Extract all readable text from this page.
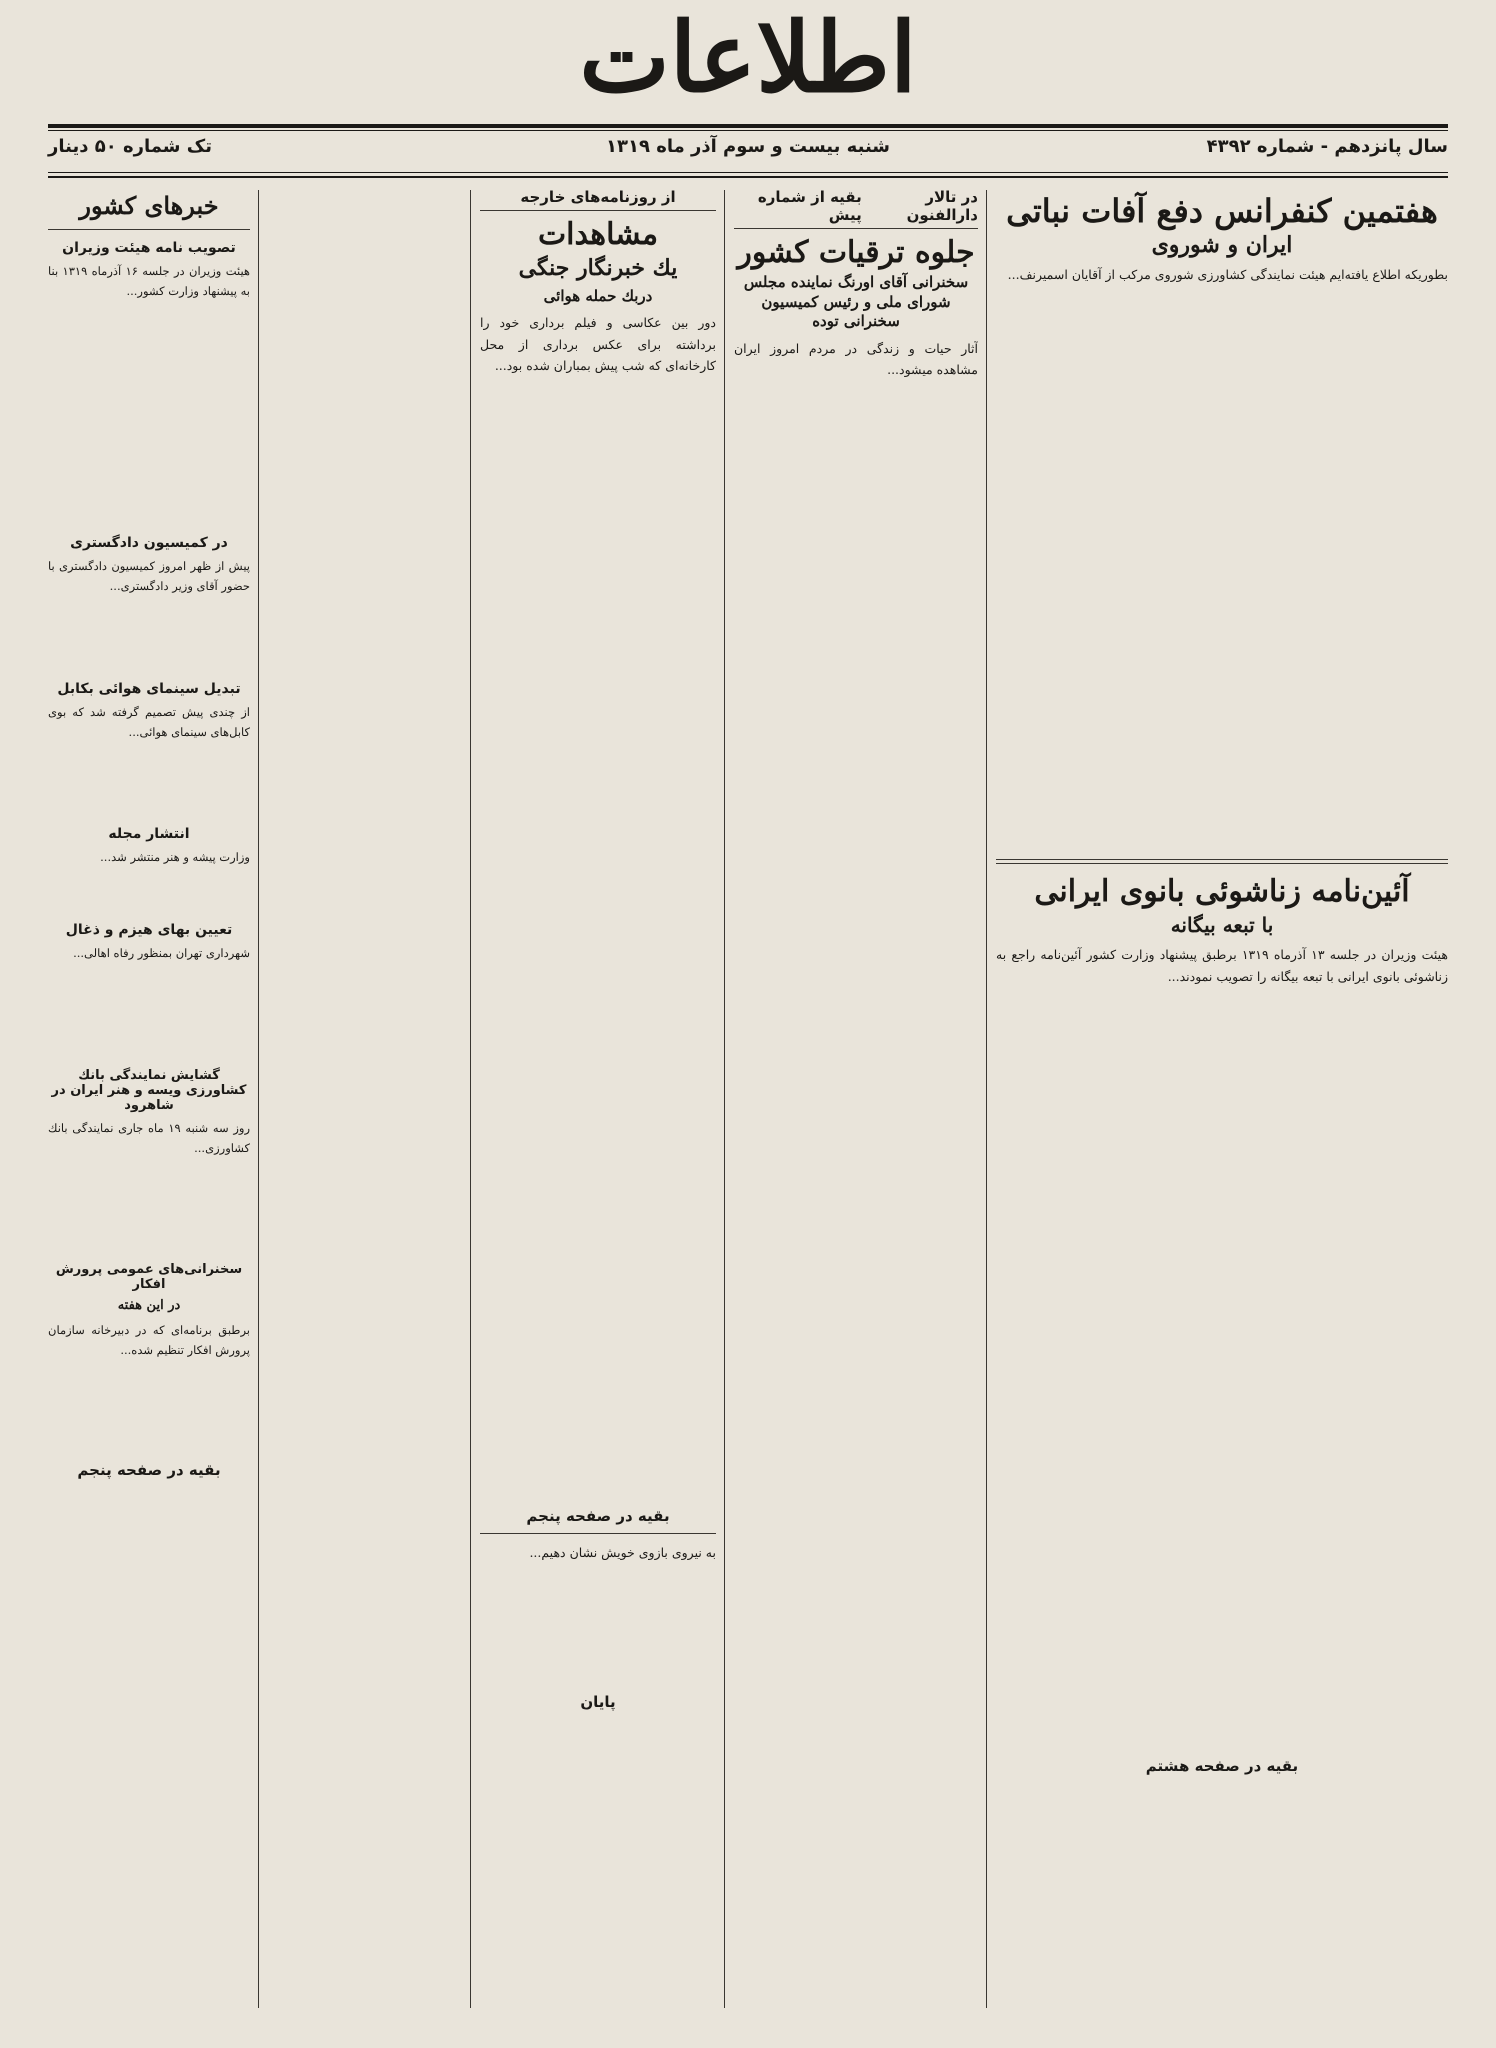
اطلاعات
سال پانزدهم - شماره ۴۳۹۲
شنبه بیست و سوم آذر ماه ۱۳۱۹
تک شماره ۵۰ دینار
هفتمین کنفرانس دفع آفات نباتی
ایران و شوروی

بطوریکه اطلاع یافته‌ایم هیئت نمایندگی کشاورزی شوروی مرکب از آقایان اسمیرنف...

آئین‌نامه زناشوئی بانوی ایرانی
با تبعه بیگانه

هیئت وزیران در جلسه ۱۳ آذرماه ۱۳۱۹ برطبق پیشنهاد وزارت کشور آئین‌نامه راجع به زناشوئی بانوی ایرانی با تبعه بیگانه را تصویب نمودند...

بقیه در صفحه هشتم
در تالار دارالفنون
بقیه از شماره پیش
جلوه ترقیات کشور
سخنرانی آقای اورنگ نماینده مجلس شورای ملی و رئیس کمیسیون سخنرانی توده

آثار حیات و زندگی در مردم امروز ایران مشاهده میشود...

از روزنامه‌های خارجه
مشاهدات
یك خبرنگار جنگی
دربك حمله هوائی

دور بین عکاسی و فیلم برداری خود را برداشته برای عکس برداری از محل کارخانه‌ای که شب پیش بمباران شده بود...

بقیه در صفحه پنجم

به نیروی بازوی خویش نشان دهیم...

پایان
خبرهای کشور
تصویب نامه هیئت وزیران

هیئت وزیران در جلسه ۱۶ آذرماه ۱۳۱۹ بنا به پیشنهاد وزارت کشور...

در کمیسیون دادگستری

پیش از ظهر امروز کمیسیون دادگستری با حضور آقای وزیر دادگستری...

تبدیل سینمای هوائی بکابل

از چندی پیش تصمیم گرفته شد که بوی کابل‌های سینمای هوائی...

انتشار مجله

وزارت پیشه و هنر منتشر شد...

تعیین بهای هیزم و ذغال

شهرداری تهران بمنظور رفاه اهالی...

گشایش نمایندگی بانك کشاورزی ویسه و هنر ایران در شاهرود

روز سه شنبه ۱۹ ماه جاری نمایندگی بانك کشاورزی...

سخنرانی‌های عمومی پرورش افکار
در این هفته

برطبق برنامه‌ای که در دبیرخانه سازمان پرورش افکار تنظیم شده...

بقیه در صفحه پنجم
